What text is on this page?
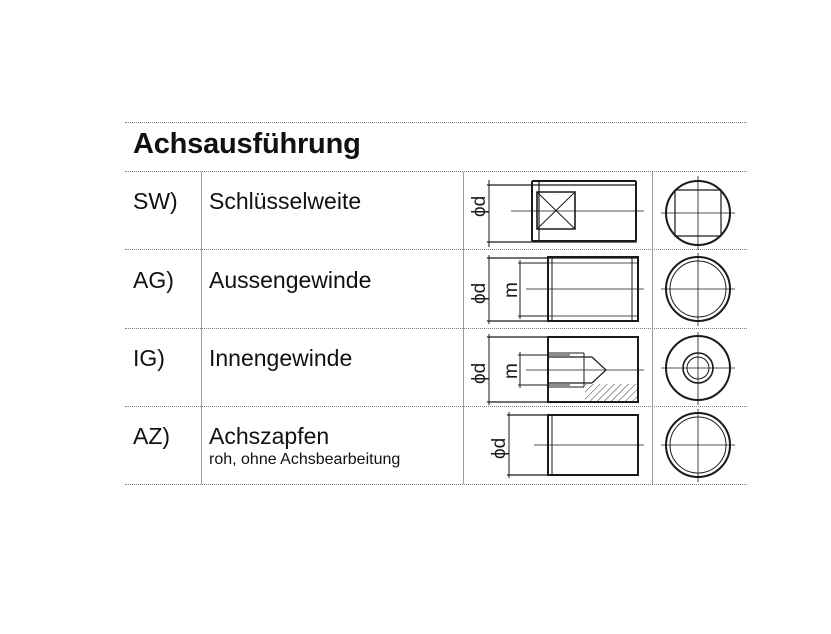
Achsausführung
SW) Schlüsselweite
AG) Aussengewinde
IG) Innengewinde
AZ) Achszapfen
roh, ohne Achsbearbeitung
ϕd
ϕd m
ϕd m
ϕd
